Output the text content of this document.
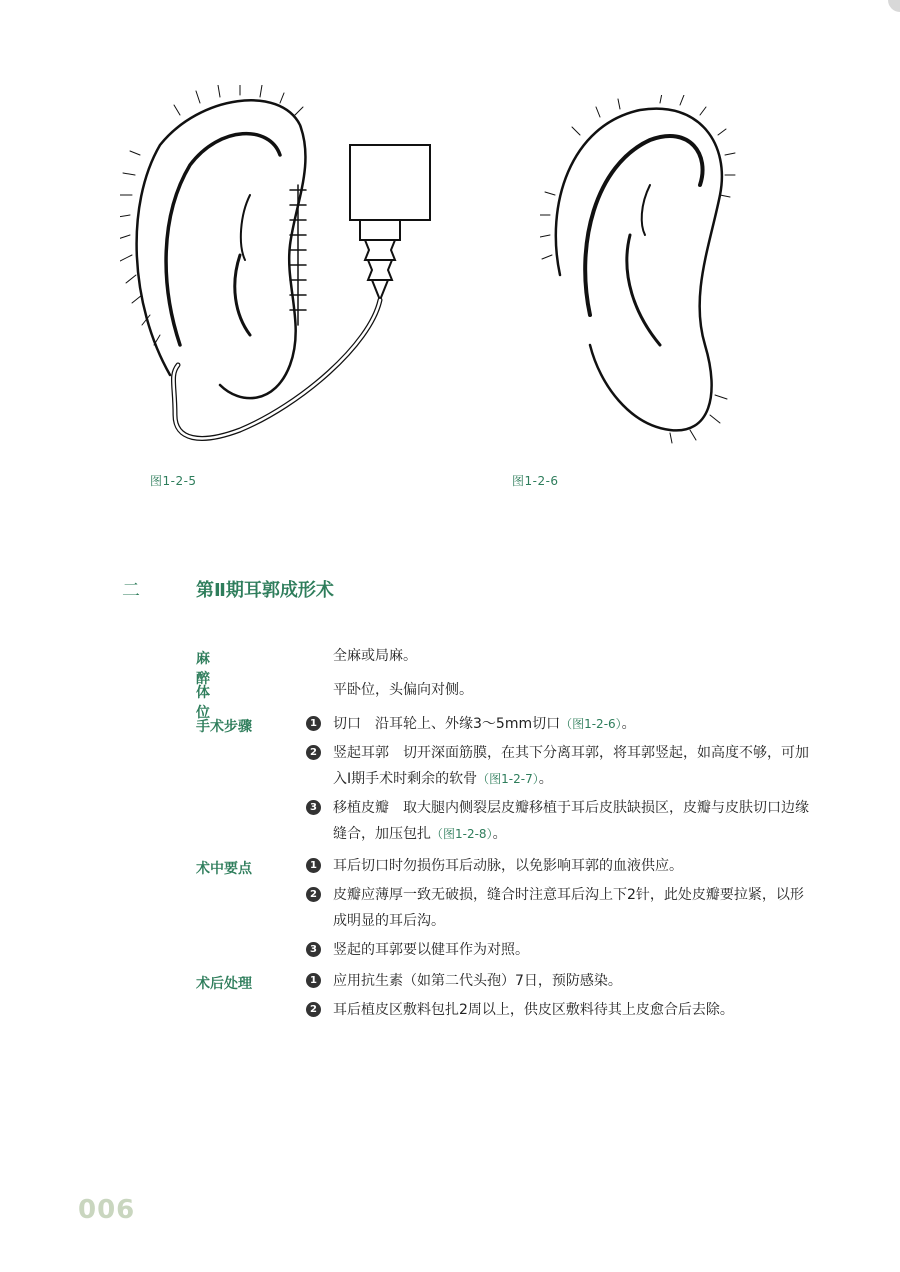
图1-2-5	图1-2-6
二	第Ⅱ期耳郭成形术
麻醉
全麻或局麻。
体位
平卧位，头偏向对侧。
手术步骤	1 切口　沿耳轮上、外缘3～5mm切口（图1-2-6）。
2 竖起耳郭　切开深面筋膜，在其下分离耳郭，将耳郭竖起，如高度不够，可加入Ⅰ期手术时剩余的软骨（图1-2-7）。
3 移植皮瓣　取大腿内侧裂层皮瓣移植于耳后皮肤缺损区，皮瓣与皮肤切口边缘缝合，加压包扎（图1-2-8）。
术中要点	1 耳后切口时勿损伤耳后动脉，以免影响耳郭的血液供应。
2 皮瓣应薄厚一致无破损，缝合时注意耳后沟上下2针，此处皮瓣要拉紧，以形成明显的耳后沟。
3 竖起的耳郭要以健耳作为对照。
术后处理	1 应用抗生素（如第二代头孢）7日，预防感染。
2 耳后植皮区敷料包扎2周以上，供皮区敷料待其上皮愈合后去除。
006
